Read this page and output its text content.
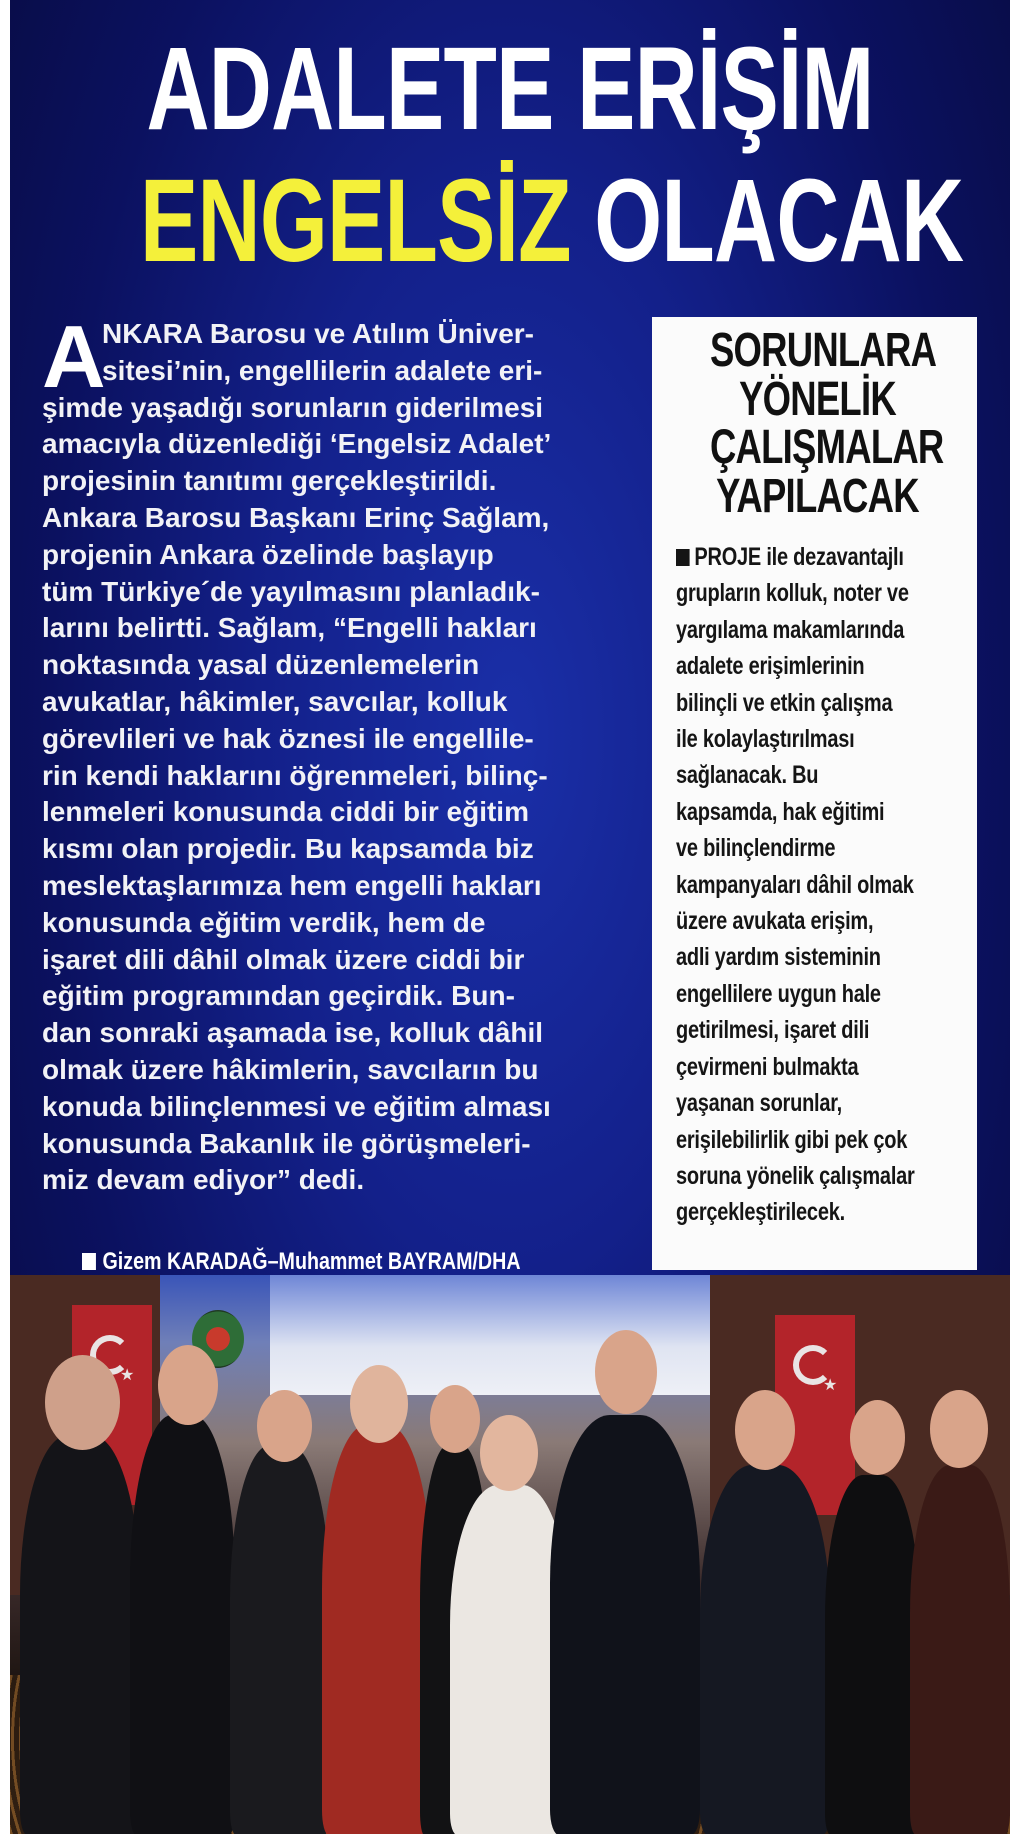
ADALETE ERİŞİM
ENGELSİZ OLACAK
A
NKARA Barosu ve Atılım Üniver-
sitesi’nin, engellilerin adalete eri-
şimde yaşadığı sorunların giderilmesi
amacıyla düzenlediği ‘Engelsiz Adalet’
projesinin tanıtımı gerçekleştirildi.
Ankara Barosu Başkanı Erinç Sağlam,
projenin Ankara özelinde başlayıp
tüm Türkiye´de yayılmasını planladık-
larını belirtti. Sağlam, “Engelli hakları
noktasında yasal düzenlemelerin
avukatlar, hâkimler, savcılar, kolluk
görevlileri ve hak öznesi ile engellile-
rin kendi haklarını öğrenmeleri, bilinç-
lenmeleri konusunda ciddi bir eğitim
kısmı olan projedir. Bu kapsamda biz
meslektaşlarımıza hem engelli hakları
konusunda eğitim verdik, hem de
işaret dili dâhil olmak üzere ciddi bir
eğitim programından geçirdik. Bun-
dan sonraki aşamada ise, kolluk dâhil
olmak üzere hâkimlerin, savcıların bu
konuda bilinçlenmesi ve eğitim alması
konusunda Bakanlık ile görüşmeleri-
miz devam ediyor” dedi.
Gizem KARADAĞ–Muhammet BAYRAM/DHA
SORUNLARA
YÖNELİK
ÇALIŞMALAR
YAPILACAK
PROJE ile dezavantajlı
grupların kolluk, noter ve
yargılama makamlarında
adalete erişimlerinin
bilinçli ve etkin çalışma
ile kolaylaştırılması
sağlanacak. Bu
kapsamda, hak eğitimi
ve bilinçlendirme
kampanyaları dâhil olmak
üzere avukata erişim,
adli yardım sisteminin
engellilere uygun hale
getirilmesi, işaret dili
çevirmeni bulmakta
yaşanan sorunlar,
erişilebilirlik gibi pek çok
soruna yönelik çalışmalar
gerçekleştirilecek.
★
★
